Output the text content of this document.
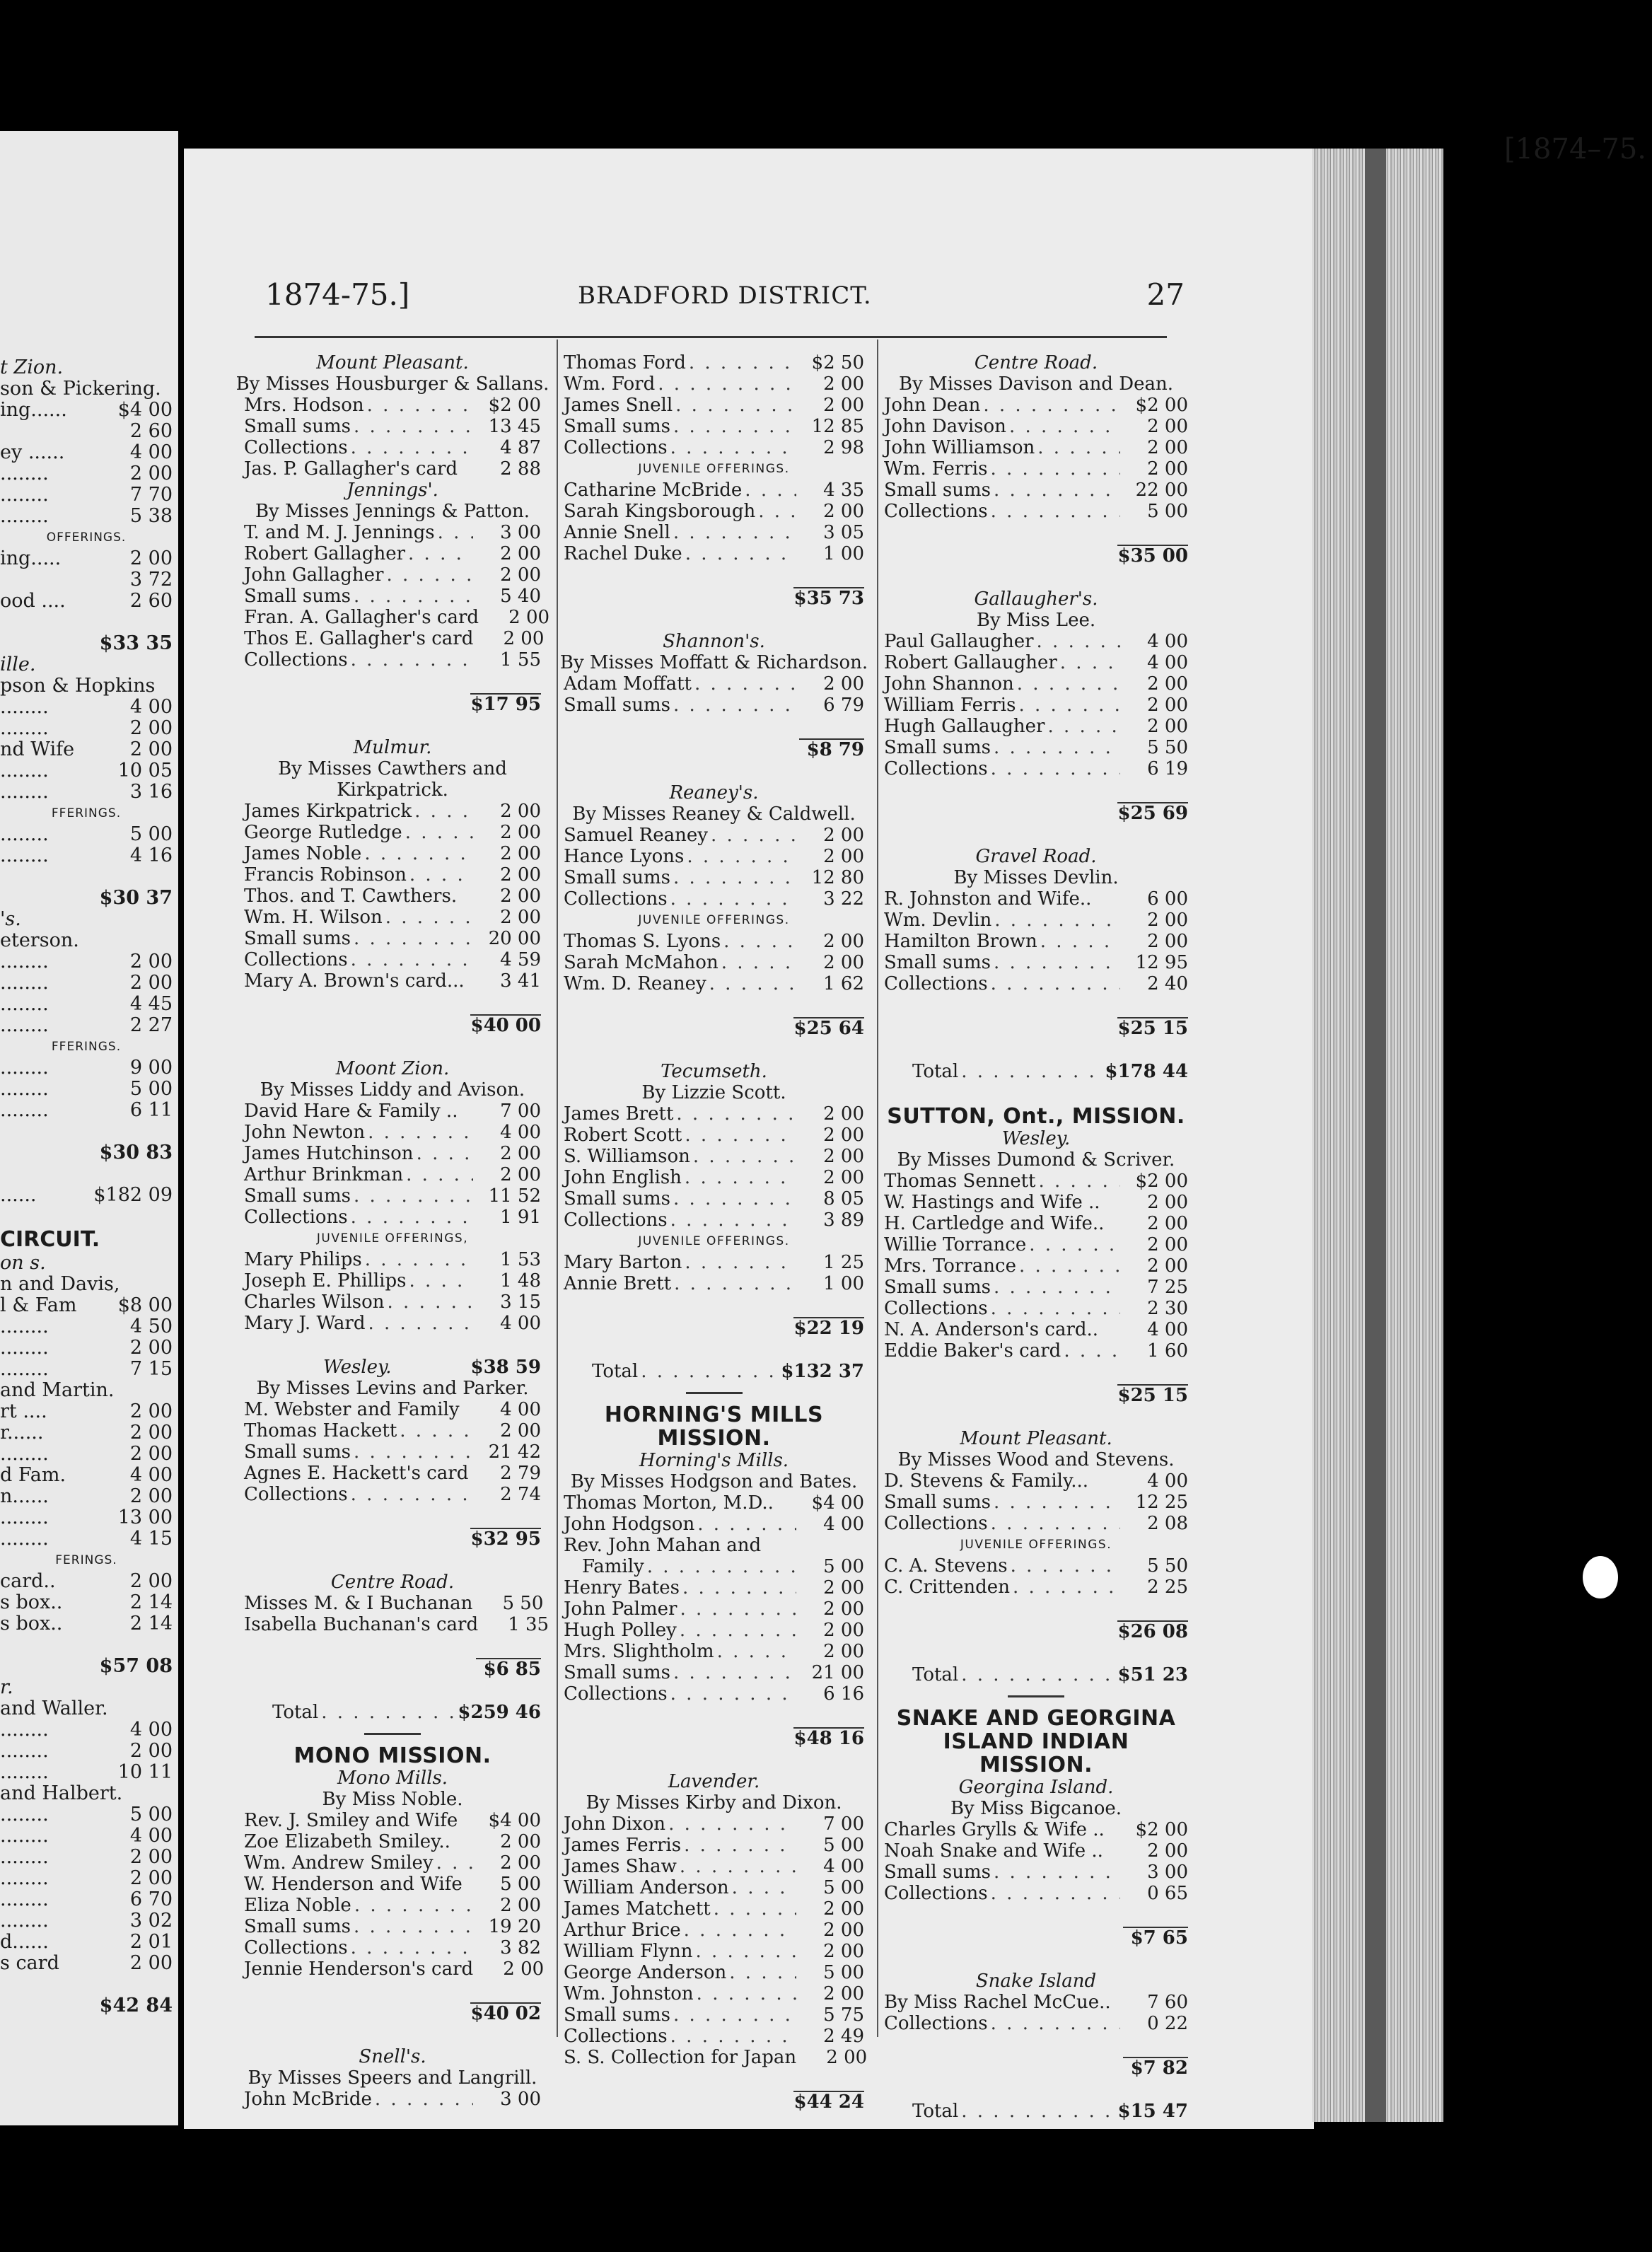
[1874–75.
t Zion.
son & Pickering.
ing......	$4 00
2 60
ey ......	4 00
........	2 00
........	7 70
........	5 38
OFFERINGS.
ing.....	2 00
3 72
ood ....	2 60
$33 35
ille.
pson & Hopkins
........	4 00
........	2 00
nd Wife	2 00
........	10 05
........	3 16
FFERINGS.
........	5 00
........	4 16
$30 37
's.
eterson.
........	2 00
........	2 00
........	4 45
........	2 27
FFERINGS.
........	9 00
........	5 00
........	6 11
$30 83
......	$182 09
CIRCUIT.
on s.
n and Davis,
l & Fam $8 00
........	4 50
........	2 00
........	7 15
and Martin.
rt ....	2 00
r......	2 00
........	2 00
d Fam.	4 00
n......	2 00
........	13 00
........	4 15
FERINGS.
card..	2 00
s box..	2 14
s box..	2 14
$57 08
r.
and Waller.
........	4 00
........	2 00
........	10 11
and Halbert.
........	5 00
........	4 00
........	2 00
........	2 00
........	6 70
........	3 02
d......	2 01
s card	2 00
$42 84
1874-75.]	BRADFORD DISTRICT.	27
Mount Pleasant.
By Misses Housburger & Sallans.
Mrs. Hodson . . .	$2 00
Small sums . . .	13 45
Collections . . .	4 87
Jas. P. Gallagher's card	2 88
Jennings'.
By Misses Jennings & Patton.
T. and M. J. Jennings . . .	3 00
Robert Gallagher . . .	2 00
John Gallagher . . .	2 00
Small sums . . .	5 40
Fran. A. Gallagher's card	2 00
Thos E. Gallagher's card	2 00
Collections . . .	1 55
$17 95
Mulmur.
By Misses Cawthers and
Kirkpatrick.
James Kirkpatrick . . .	2 00
George Rutledge . . .	2 00
James Noble . . .	2 00
Francis Robinson . . .	2 00
Thos. and T. Cawthers.	2 00
Wm. H. Wilson . . .	2 00
Small sums . . .	20 00
Collections . . .	4 59
Mary A. Brown's card...	3 41
$40 00
Moont Zion.
By Misses Liddy and Avison.
David Hare & Family ..	7 00
John Newton . . .	4 00
James Hutchinson . . .	2 00
Arthur Brinkman . . .	2 00
Small sums . . .	11 52
Collections . . .	1 91
JUVENILE OFFERINGS,
Mary Philips . . .	1 53
Joseph E. Phillips . . .	1 48
Charles Wilson . . .	3 15
Mary J. Ward . . .	4 00
Wesley.	$38 59
By Misses Levins and Parker.
M. Webster and Family	4 00
Thomas Hackett . . .	2 00
Small sums . . .	21 42
Agnes E. Hackett's card	2 79
Collections . . .	2 74
$32 95
Centre Road.
Misses M. & I Buchanan	5 50
Isabella Buchanan's card	1 35
$6 85
Total . . .	$259 46
MONO MISSION.
Mono Mills.
By Miss Noble.
Rev. J. Smiley and Wife	$4 00
Zoe Elizabeth Smiley..	2 00
Wm. Andrew Smiley . . .	2 00
W. Henderson and Wife	5 00
Eliza Noble . . .	2 00
Small sums . . .	19 20
Collections . . .	3 82
Jennie Henderson's card	2 00
$40 02
Snell's.
By Misses Speers and Langrill.
John McBride . . .	3 00
Thomas Ford . . .	$2 50
Wm. Ford . . .	2 00
James Snell . . .	2 00
Small sums . . .	12 85
Collections . . .	2 98
JUVENILE OFFERINGS.
Catharine McBride . . .	4 35
Sarah Kingsborough . . .	2 00
Annie Snell . . .	3 05
Rachel Duke . . .	1 00
$35 73
Shannon's.
By Misses Moffatt & Richardson.
Adam Moffatt . . .	2 00
Small sums . . .	6 79
$8 79
Reaney's.
By Misses Reaney & Caldwell.
Samuel Reaney . . .	2 00
Hance Lyons . . .	2 00
Small sums . . .	12 80
Collections . . .	3 22
JUVENILE OFFERINGS.
Thomas S. Lyons . . .	2 00
Sarah McMahon . . .	2 00
Wm. D. Reaney . . .	1 62
$25 64
Tecumseth.
By Lizzie Scott.
James Brett . . .	2 00
Robert Scott . . .	2 00
S. Williamson . . .	2 00
John English . . .	2 00
Small sums . . .	8 05
Collections . . .	3 89
JUVENILE OFFERINGS.
Mary Barton . . .	1 25
Annie Brett . . .	1 00
$22 19
Total . . .	$132 37
HORNING'S MILLS
MISSION.
Horning's Mills.
By Misses Hodgson and Bates.
Thomas Morton, M.D..	$4 00
John Hodgson . . .	4 00
Rev. John Mahan and
Family . . .	5 00
Henry Bates . . .	2 00
John Palmer . . .	2 00
Hugh Polley . . .	2 00
Mrs. Slightholm . . .	2 00
Small sums . . .	21 00
Collections . . .	6 16
$48 16
Lavender.
By Misses Kirby and Dixon.
John Dixon . . .	7 00
James Ferris . . .	5 00
James Shaw . . .	4 00
William Anderson . . .	5 00
James Matchett . . .	2 00
Arthur Brice . . .	2 00
William Flynn . . .	2 00
George Anderson . . .	5 00
Wm. Johnston . . .	2 00
Small sums . . .	5 75
Collections . . .	2 49
S. S. Collection for Japan	2 00
$44 24
Centre Road.
By Misses Davison and Dean.
John Dean . . .	$2 00
John Davison . . .	2 00
John Williamson . . .	2 00
Wm. Ferris . . .	2 00
Small sums . . .	22 00
Collections . . .	5 00
$35 00
Gallaugher's.
By Miss Lee.
Paul Gallaugher . . .	4 00
Robert Gallaugher . . .	4 00
John Shannon . . .	2 00
William Ferris . . .	2 00
Hugh Gallaugher . . .	2 00
Small sums . . .	5 50
Collections . . .	6 19
$25 69
Gravel Road.
By Misses Devlin.
R. Johnston and Wife..	6 00
Wm. Devlin . . .	2 00
Hamilton Brown . . .	2 00
Small sums . . .	12 95
Collections . . .	2 40
$25 15
Total . . .	$178 44
SUTTON, Ont., MISSION.
Wesley.
By Misses Dumond & Scriver.
Thomas Sennett . . .	$2 00
W. Hastings and Wife ..	2 00
H. Cartledge and Wife..	2 00
Willie Torrance . . .	2 00
Mrs. Torrance . . .	2 00
Small sums . . .	7 25
Collections . . .	2 30
N. A. Anderson's card..	4 00
Eddie Baker's card . . .	1 60
$25 15
Mount Pleasant.
By Misses Wood and Stevens.
D. Stevens & Family...	4 00
Small sums . . .	12 25
Collections . . .	2 08
JUVENILE OFFERINGS.
C. A. Stevens . . .	5 50
C. Crittenden . . .	2 25
$26 08
Total . . .	$51 23
SNAKE AND GEORGINA
ISLAND INDIAN
MISSION.
Georgina Island.
By Miss Bigcanoe.
Charles Grylls & Wife ..	$2 00
Noah Snake and Wife ..	2 00
Small sums . . .	3 00
Collections . . .	0 65
$7 65
Snake Island
By Miss Rachel McCue..	7 60
Collections . . .	0 22
$7 82
Total . . .	$15 47
